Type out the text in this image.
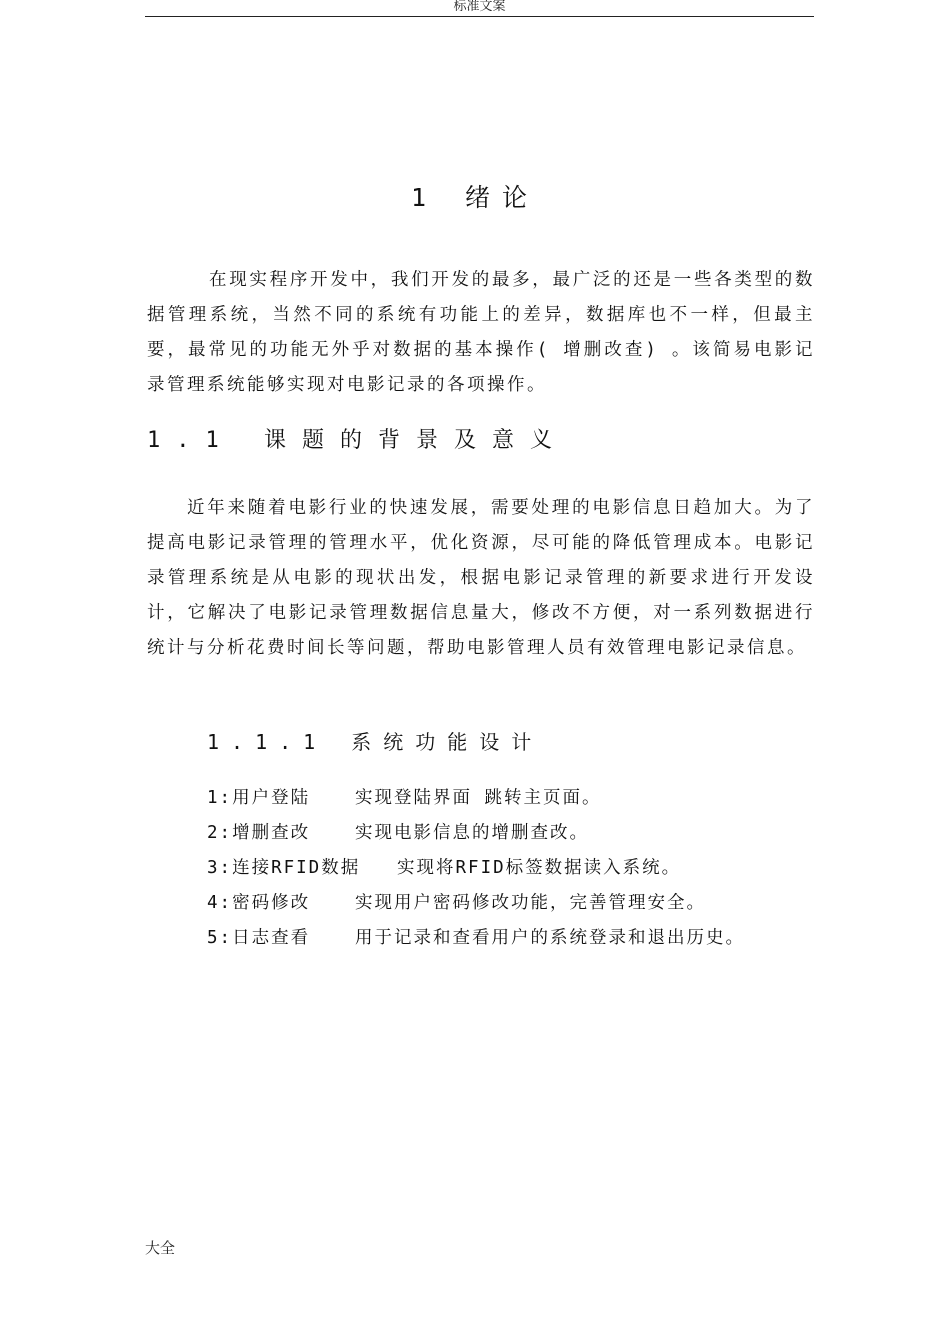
标准文案
1 绪论

在现实程序开发中，我们开发的最多，最广泛的还是一些各类型的数据管理系统，当然不同的系统有功能上的差异，数据库也不一样，但最主要，最常见的功能无外乎对数据的基本操作( 增删改查) 。该简易电影记录管理系统能够实现对电影记录的各项操作。

1.1 课题的背景及意义

近年来随着电影行业的快速发展，需要处理的电影信息日趋加大。为了提高电影记录管理的管理水平，优化资源，尽可能的降低管理成本。电影记录管理系统是从电影的现状出发，根据电影记录管理的新要求进行开发设计，它解决了电影记录管理数据信息量大，修改不方便，对一系列数据进行统计与分析花费时间长等问题，帮助电影管理人员有效管理电影记录信息。

1.1.1 系统功能设计
1:用户登陆	实现登陆界面 跳转主页面。
2:增删查改	实现电影信息的增删查改。
3:连接RFID数据 实现将RFID标签数据读入系统。
4:密码修改	实现用户密码修改功能，完善管理安全。
5:日志查看	用于记录和查看用户的系统登录和退出历史。
大全
